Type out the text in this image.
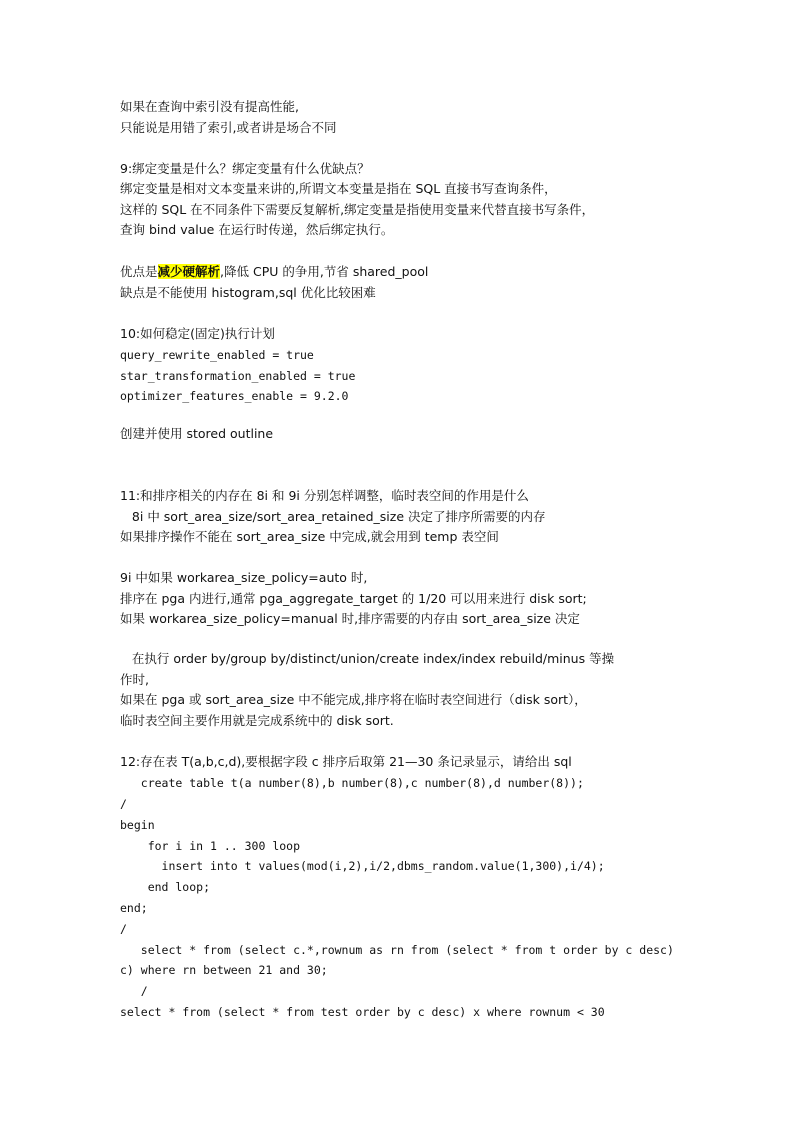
如果在查询中索引没有提高性能,
只能说是用错了索引,或者讲是场合不同
9:绑定变量是什么？绑定变量有什么优缺点？
绑定变量是相对文本变量来讲的,所谓文本变量是指在 SQL 直接书写查询条件，
这样的 SQL 在不同条件下需要反复解析,绑定变量是指使用变量来代替直接书写条件，
查询 bind value 在运行时传递，然后绑定执行。
优点是减少硬解析,降低 CPU 的争用,节省 shared_pool
缺点是不能使用 histogram,sql 优化比较困难
10:如何稳定(固定)执行计划
query_rewrite_enabled = true
star_transformation_enabled = true
optimizer_features_enable = 9.2.0
创建并使用 stored outline
11:和排序相关的内存在 8i 和 9i 分别怎样调整，临时表空间的作用是什么
8i 中 sort_area_size/sort_area_retained_size 决定了排序所需要的内存
如果排序操作不能在 sort_area_size 中完成,就会用到 temp 表空间
9i 中如果 workarea_size_policy=auto 时,
排序在 pga 内进行,通常 pga_aggregate_target 的 1/20 可以用来进行 disk sort;
如果 workarea_size_policy=manual 时,排序需要的内存由 sort_area_size 决定
在执行 order by/group by/distinct/union/create index/index rebuild/minus 等操
作时,
如果在 pga 或 sort_area_size 中不能完成,排序将在临时表空间进行（disk sort），
临时表空间主要作用就是完成系统中的 disk sort.
12:存在表 T(a,b,c,d),要根据字段 c 排序后取第 21—30 条记录显示，请给出 sql
create table t(a number(8),b number(8),c number(8),d number(8));
/
begin
for i in 1 .. 300 loop
insert into t values(mod(i,2),i/2,dbms_random.value(1,300),i/4);
end loop;
end;
/
select * from (select c.*,rownum as rn from (select * from t order by c desc)
c) where rn between 21 and 30;
/
select * from (select * from test order by c desc) x where rownum < 30
